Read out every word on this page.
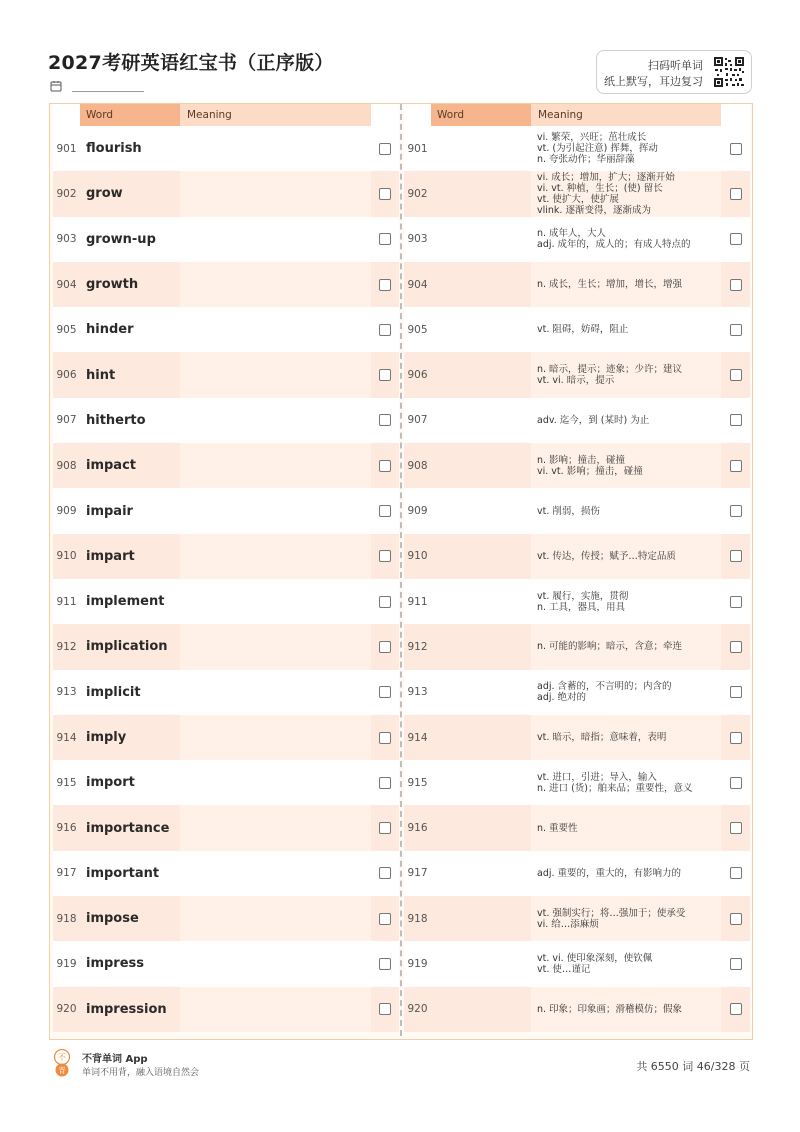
2027考研英语红宝书（正序版）	扫码听单词
纸上默写，耳边复习
Word	Meaning
901 flourish
902 grow
903 grown-up
904 growth
905 hinder
906 hint
907 hitherto
908 impact
909 impair
910 impart
911 implement
912 implication
913 implicit
914 imply
915 import
916 importance
917 important
918 impose
919 impress
920 impression
Word	Meaning
901
vi. 繁荣，兴旺；茁壮成长
vt. (为引起注意) 挥舞，挥动
n. 夸张动作；华丽辞藻
902
vi. 成长；增加，扩大；逐渐开始
vi. vt. 种植，生长；(使) 留长
vt. 使扩大，使扩展
vlink. 逐渐变得，逐渐成为
903	n. 成年人，大人
adj. 成年的，成人的；有成人特点的
904	n. 成长，生长；增加，增长，增强
905	vt. 阻碍，妨碍，阻止
906	n. 暗示，提示；迹象；少许；建议
vt. vi. 暗示，提示
907	adv. 迄今，到 (某时) 为止
908	n. 影响；撞击，碰撞
vi. vt. 影响；撞击，碰撞
909	vt. 削弱，损伤
910	vt. 传达，传授；赋予…特定品质
911	vt. 履行，实施，贯彻
n. 工具，器具，用具
912	n. 可能的影响；暗示，含意；牵连
913	adj. 含蓄的，不言明的；内含的
adj. 绝对的
914	vt. 暗示，暗指；意味着，表明
915	vt. 进口，引进；导入，输入
n. 进口 (货)；舶来品；重要性，意义
916	n. 重要性
917	adj. 重要的，重大的，有影响力的
918	vt. 强制实行；将…强加于；使承受
vi. 给…添麻烦
919	vt. vi. 使印象深刻，使钦佩
vt. 使…谨记
920	n. 印象；印象画；滑稽模仿；假象
不
背
不背单词 App
单词不用背，融入语境自然会	共 6550 词 46/328 页
